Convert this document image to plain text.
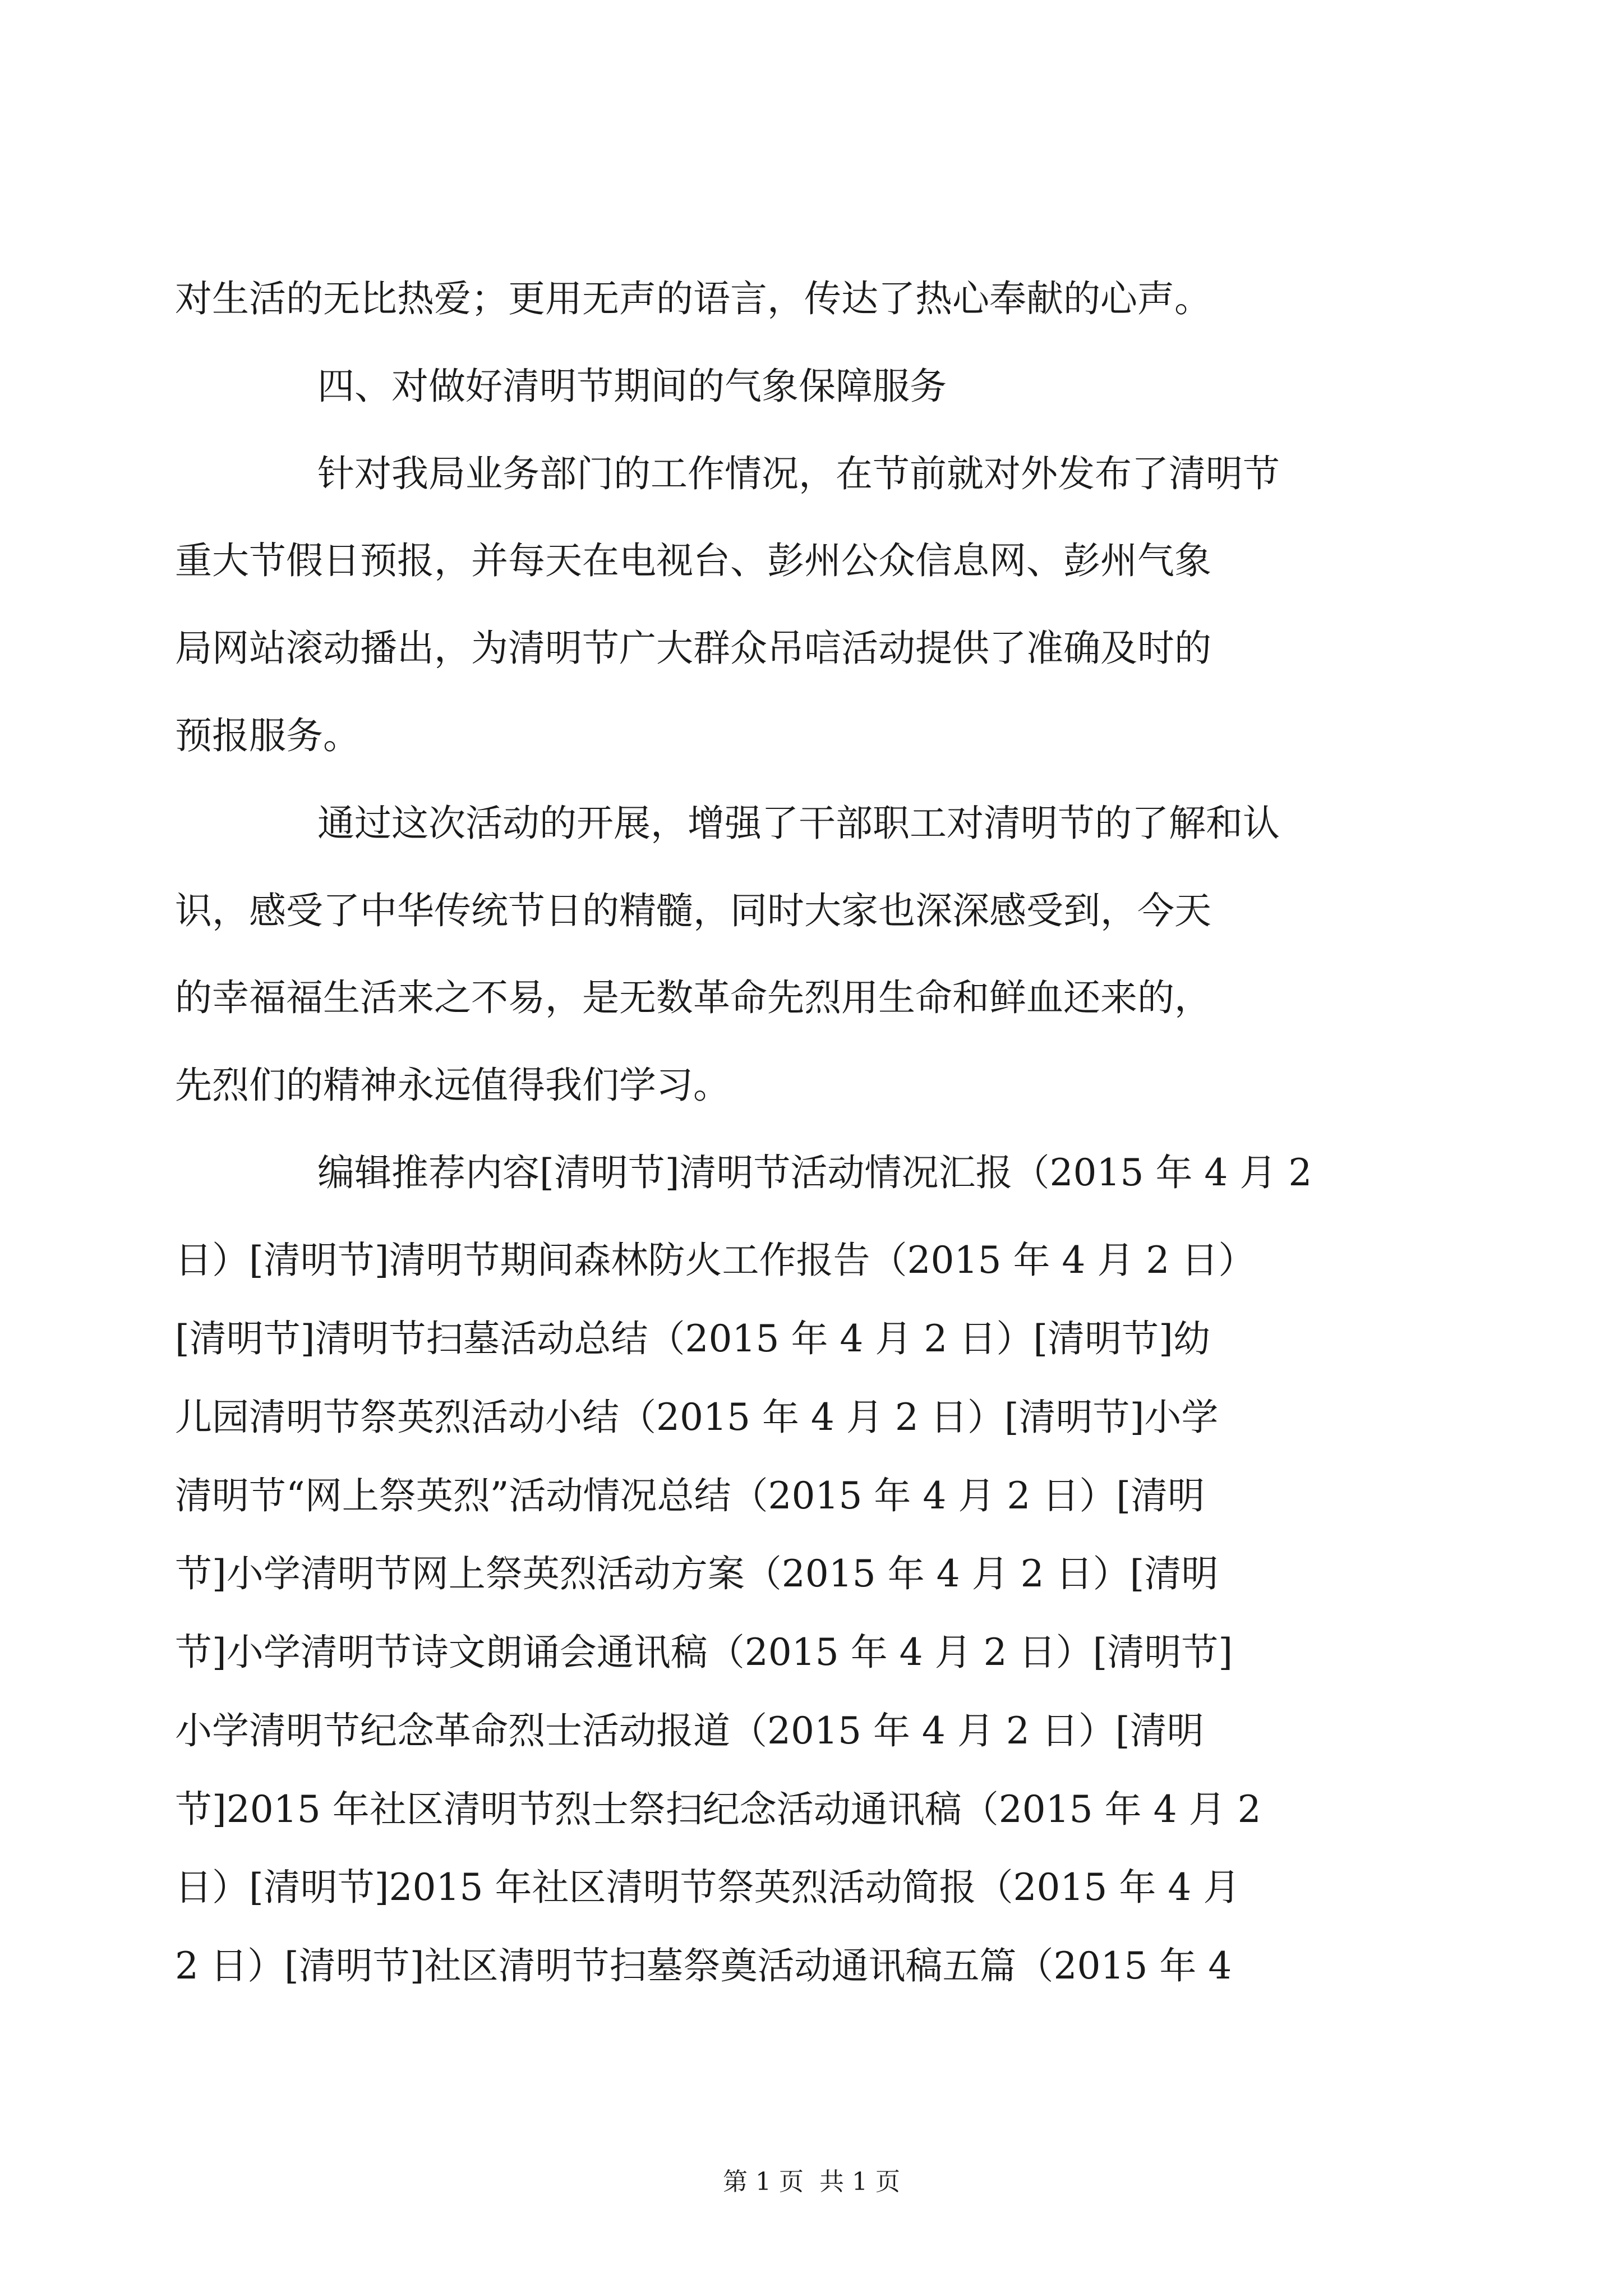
对生活的无比热爱；更用无声的语言，传达了热心奉献的心声。

四、对做好清明节期间的气象保障服务

针对我局业务部门的工作情况，在节前就对外发布了清明节

重大节假日预报，并每天在电视台、彭州公众信息网、彭州气象

局网站滚动播出，为清明节广大群众吊唁活动提供了准确及时的

预报服务。

通过这次活动的开展，增强了干部职工对清明节的了解和认

识，感受了中华传统节日的精髓，同时大家也深深感受到，今天

的幸福福生活来之不易，是无数革命先烈用生命和鲜血还来的，

先烈们的精神永远值得我们学习。

编辑推荐内容[清明节]清明节活动情况汇报（2015 年 4 月 2

日）[清明节]清明节期间森林防火工作报告（2015 年 4 月 2 日）

[清明节]清明节扫墓活动总结（2015 年 4 月 2 日）[清明节]幼

儿园清明节祭英烈活动小结（2015 年 4 月 2 日）[清明节]小学

清明节“网上祭英烈”活动情况总结（2015 年 4 月 2 日）[清明

节]小学清明节网上祭英烈活动方案（2015 年 4 月 2 日）[清明

节]小学清明节诗文朗诵会通讯稿（2015 年 4 月 2 日）[清明节]

小学清明节纪念革命烈士活动报道（2015 年 4 月 2 日）[清明

节]2015 年社区清明节烈士祭扫纪念活动通讯稿（2015 年 4 月 2

日）[清明节]2015 年社区清明节祭英烈活动简报（2015 年 4 月

2 日）[清明节]社区清明节扫墓祭奠活动通讯稿五篇（2015 年 4

第 1 页  共 1 页
